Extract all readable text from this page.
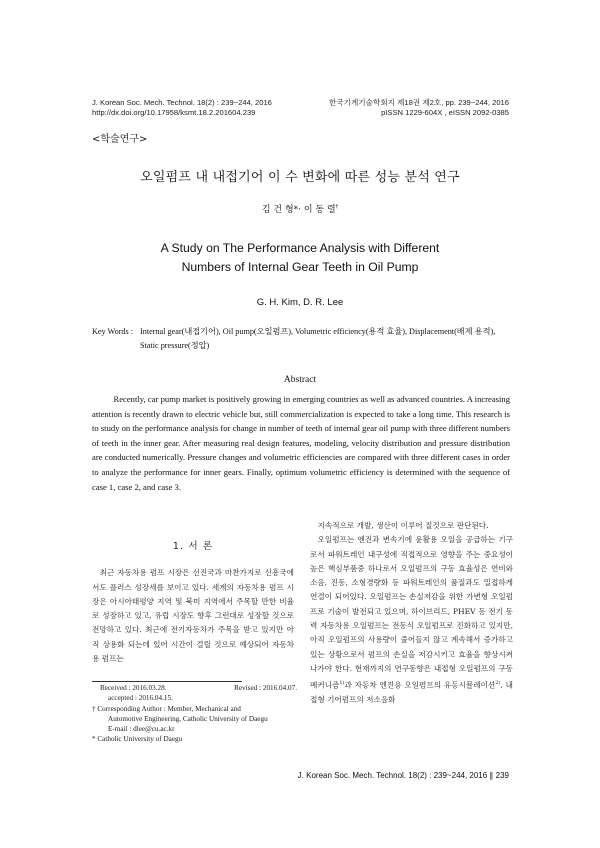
J. Korean Soc. Mech. Technol. 18(2) : 239~244, 2016
http://dx.doi.org/10.17958/ksmt.18.2.201604.239
한국기계기술학회지 제18권 제2호, pp. 239~244, 2016
pISSN 1229-604X , eISSN 2092-0385
<학술연구>
오일펌프 내 내접기어 이 수 변화에 따른 성능 분석 연구
김 건 형*· 이 동 렬†
A Study on The Performance Analysis with Different
Numbers of Internal Gear Teeth in Oil Pump
G. H. Kim, D. R. Lee
Key Words : Internal gear(내접기어), Oil pump(오일펌프), Volumetric efficiency(용적 효율), Displacement(배제 용적), Static pressure(정압)
Abstract
Recently, car pump market is positively growing in emerging countries as well as advanced countries. A increasing attention is recently drawn to electric vehicle but, still commercialization is expected to take a long time. This research is to study on the performance analysis for change in number of teeth of internal gear oil pump with three different numbers of teeth in the inner gear. After measuring real design features, modeling, velocity distribution and pressure distribution are conducted numerically. Pressure changes and volumetric efficiencies are compared with three different cases in order to analyze the performance for inner gears. Finally, optimum volumetric efficiency is determined with the sequence of case 1, case 2, and case 3.
1. 서 론

최근 자동차용 펌프 시장은 선진국과 마찬가지로 신흥국에서도 플러스 성장세를 보이고 있다. 세계의 자동차용 펌프 시장은 아시아태평양 지역 및 북미 지역에서 주목할 만한 비율로 성장하고 있고, 유럽 시장도 향후 그런대로 성장할 것으로 전망하고 있다. 최근에 전기자동차가 주목을 받고 있지만 아직 상용화 되는데 있어 시간이 걸릴 것으로 예상되어 자동차용 펌프는

Received : 2016.03.28.	Revised : 2016.04.07.
accepted : 2016.04.15.
† Corresponding Author : Member, Mechanical and
Automotive Engineering, Catholic University of Daegu
E-mail : dlee@cu.ac.kr
* Catholic University of Daegu

지속적으로 개발, 생산이 이루어 질것으로 판단된다.

오일펌프는 엔진과 변속기에 윤활용 오일을 공급하는 기구로서 파워트레인 내구성에 직접적으로 영향을 주는 중요성이 높은 핵심부품중 하나로서 오일펌프의 구동 효율성은 연비와 소음, 진동, 소형경량화 등 파워트레인의 품질과도 밀접하게 연결이 되어있다. 오일펌프는 손실저감을 위한 가변형 오일펌프로 기술이 발전되고 있으며, 하이브리드, PHEV 등 전기 동력 자동차용 오일펌프는 전동식 오일펌프로 진화하고 있지만, 아직 오일펌프의 사용량이 줄어들지 않고 계속해서 증가하고 있는 상황으로서 펌프의 손실을 저감시키고 효율을 향상시켜 나가야 한다. 현재까지의 연구동향은 내접형 오일펌프의 구동 메커니즘$^{1)}$과 자동차 엔진용 오일펌프의 유동시뮬레이션$^{2)}$, 내접형 기어펌프의 저소음화

J. Korean Soc. Mech. Technol. 18(2) : 239~244, 2016 ∥ 239
